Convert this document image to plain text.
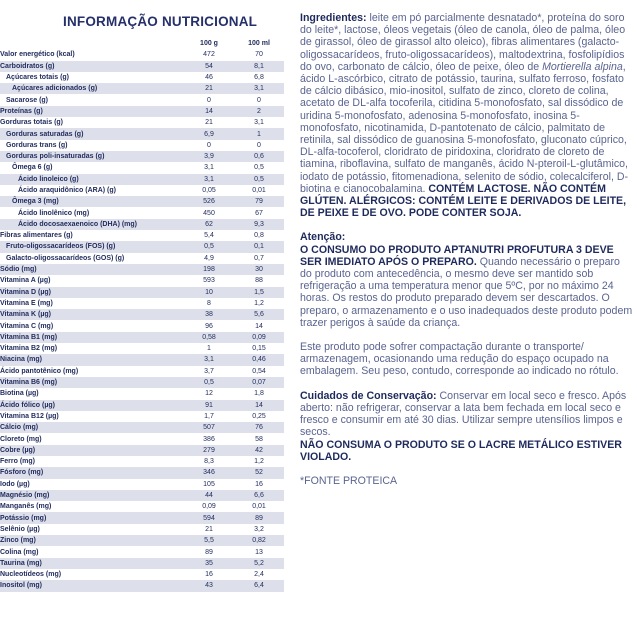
INFORMAÇÃO NUTRICIONAL
	100 g	100 ml
Valor energético (kcal)	472	70
Carboidratos (g)	54	8,1
Açúcares totais (g)	46	6,8
Açúcares adicionados (g)	21	3,1
Sacarose (g)	0	0
Proteínas (g)	14	2
Gorduras totais (g)	21	3,1
Gorduras saturadas (g)	6,9	1
Gorduras trans (g)	0	0
Gorduras poli-insaturadas (g)	3,9	0,6
Ômega 6 (g)	3,1	0,5
Ácido linoleico (g)	3,1	0,5
Ácido araquidônico (ARA) (g)	0,05	0,01
Ômega 3 (mg)	526	79
Ácido linolênico (mg)	450	67
Ácido docosaexaenoico (DHA) (mg)	62	9,3
Fibras alimentares (g)	5,4	0,8
Fruto-oligossacarídeos (FOS) (g)	0,5	0,1
Galacto-oligossacarídeos (GOS) (g)	4,9	0,7
Sódio (mg)	198	30
Vitamina A (µg)	593	88
Vitamina D (µg)	10	1,5
Vitamina E (mg)	8	1,2
Vitamina K (µg)	38	5,6
Vitamina C (mg)	96	14
Vitamina B1 (mg)	0,58	0,09
Vitamina B2 (mg)	1	0,15
Niacina (mg)	3,1	0,46
Ácido pantotênico (mg)	3,7	0,54
Vitamina B6 (mg)	0,5	0,07
Biotina (µg)	12	1,8
Ácido fólico (µg)	91	14
Vitamina B12 (µg)	1,7	0,25
Cálcio (mg)	507	76
Cloreto (mg)	386	58
Cobre (µg)	279	42
Ferro (mg)	8,3	1,2
Fósforo (mg)	346	52
Iodo (µg)	105	16
Magnésio (mg)	44	6,6
Manganês (mg)	0,09	0,01
Potássio (mg)	594	89
Selênio (µg)	21	3,2
Zinco (mg)	5,5	0,82
Colina (mg)	89	13
Taurina (mg)	35	5,2
Nucleotídeos (mg)	16	2,4
Inositol (mg)	43	6,4

Ingredientes: leite em pó parcialmente desnatado*, proteína do soro do leite*, lactose, óleos vegetais (óleo de canola, óleo de palma, óleo de girassol, óleo de girassol alto oleico), fibras alimentares (galacto-oligossacarídeos, fruto-oligossacarídeos), maltodextrina, fosfolipídios do ovo, carbonato de cálcio, óleo de peixe, óleo de Mortierella alpina, ácido L-ascórbico, citrato de potássio, taurina, sulfato ferroso, fosfato de cálcio dibásico, mio-inositol, sulfato de zinco, cloreto de colina, acetato de DL-alfa tocoferila, citidina 5-monofosfato, sal dissódico de uridina 5-monofosfato, adenosina 5-monofosfato, inosina 5-monofosfato, nicotinamida, D-pantotenato de cálcio, palmitato de retinila, sal dissódico de guanosina 5-monofosfato, gluconato cúprico, DL-alfa-tocoferol, cloridrato de piridoxina, cloridrato de cloreto de tiamina, riboflavina, sulfato de manganês, ácido N-pteroil-L-glutâmico, iodato de potássio, fitomenadiona, selenito de sódio, colecalciferol, D-biotina e cianocobalamina. CONTÉM LACTOSE. NÃO CONTÉM GLÚTEN. ALÉRGICOS: CONTÉM LEITE E DERIVADOS DE LEITE, DE PEIXE E DE OVO. PODE CONTER SOJA.

Atenção:
O CONSUMO DO PRODUTO APTANUTRI PROFUTURA 3 DEVE SER IMEDIATO APÓS O PREPARO. Quando necessário o preparo do produto com antecedência, o mesmo deve ser mantido sob refrigeração a uma temperatura menor que 5ºC, por no máximo 24 horas. Os restos do produto preparado devem ser descartados. O preparo, o armazenamento e o uso inadequados deste produto podem trazer perigos à saúde da criança.

Este produto pode sofrer compactação durante o transporte/ armazenagem, ocasionando uma redução do espaço ocupado na embalagem. Seu peso, contudo, corresponde ao indicado no rótulo.

Cuidados de Conservação: Conservar em local seco e fresco. Após aberto: não refrigerar, conservar a lata bem fechada em local seco e fresco e consumir em até 30 dias. Utilizar sempre utensílios limpos e secos.
NÃO CONSUMA O PRODUTO SE O LACRE METÁLICO ESTIVER VIOLADO.

*FONTE PROTEICA
